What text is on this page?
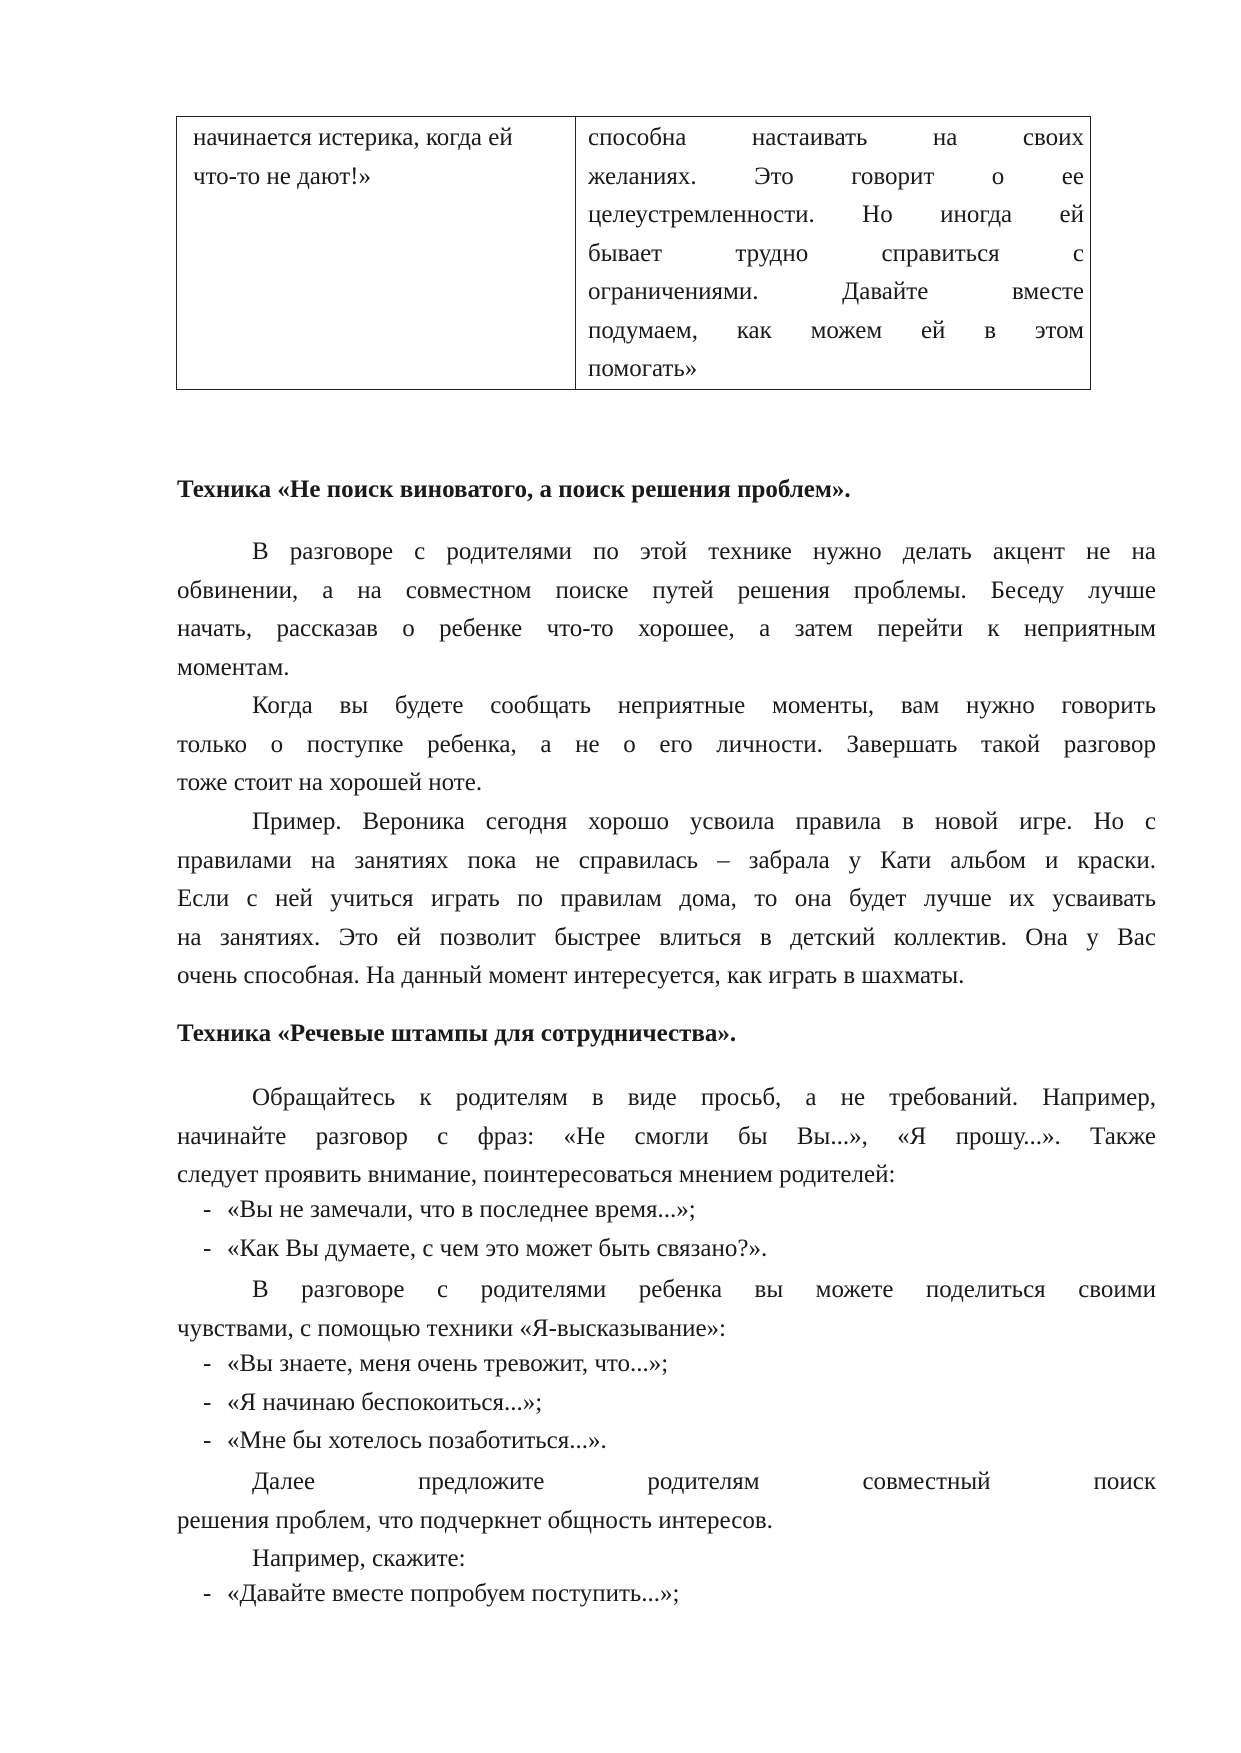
начинается истерика, когда ей
что-то не дают!»
способна настаивать на своих
желаниях. Это говорит о ее
целеустремленности. Но иногда ей
бывает трудно справиться с
ограничениями. Давайте вместе
подумаем, как можем ей в этом
помогать»
Техника «Не поиск виноватого, а поиск решения проблем».
В разговоре с родителями по этой технике нужно делать акцент не на
обвинении, а на совместном поиске путей решения проблемы. Беседу лучше
начать, рассказав о ребенке что-то хорошее, а затем перейти к неприятным
моментам.
Когда вы будете сообщать неприятные моменты, вам нужно говорить
только о поступке ребенка, а не о его личности. Завершать такой разговор
тоже стоит на хорошей ноте.
Пример. Вероника сегодня хорошо усвоила правила в новой игре. Но с
правилами на занятиях пока не справилась – забрала у Кати альбом и краски.
Если с ней учиться играть по правилам дома, то она будет лучше их усваивать
на занятиях. Это ей позволит быстрее влиться в детский коллектив. Она у Вас
очень способная. На данный момент интересуется, как играть в шахматы.
Техника «Речевые штампы для сотрудничества».
Обращайтесь к родителям в виде просьб, а не требований. Например,
начинайте разговор с фраз: «Не смогли бы Вы...», «Я прошу...». Также
следует проявить внимание, поинтересоваться мнением родителей:
- «Вы не замечали, что в последнее время...»;
- «Как Вы думаете, с чем это может быть связано?».
В разговоре с родителями ребенка вы можете поделиться своими
чувствами, с помощью техники «Я-высказывание»:
- «Вы знаете, меня очень тревожит, что...»;
- «Я начинаю беспокоиться...»;
- «Мне бы хотелось позаботиться...».
Далее предложите родителям совместный поиск
решения проблем, что подчеркнет общность интересов.
Например, скажите:
- «Давайте вместе попробуем поступить...»;
